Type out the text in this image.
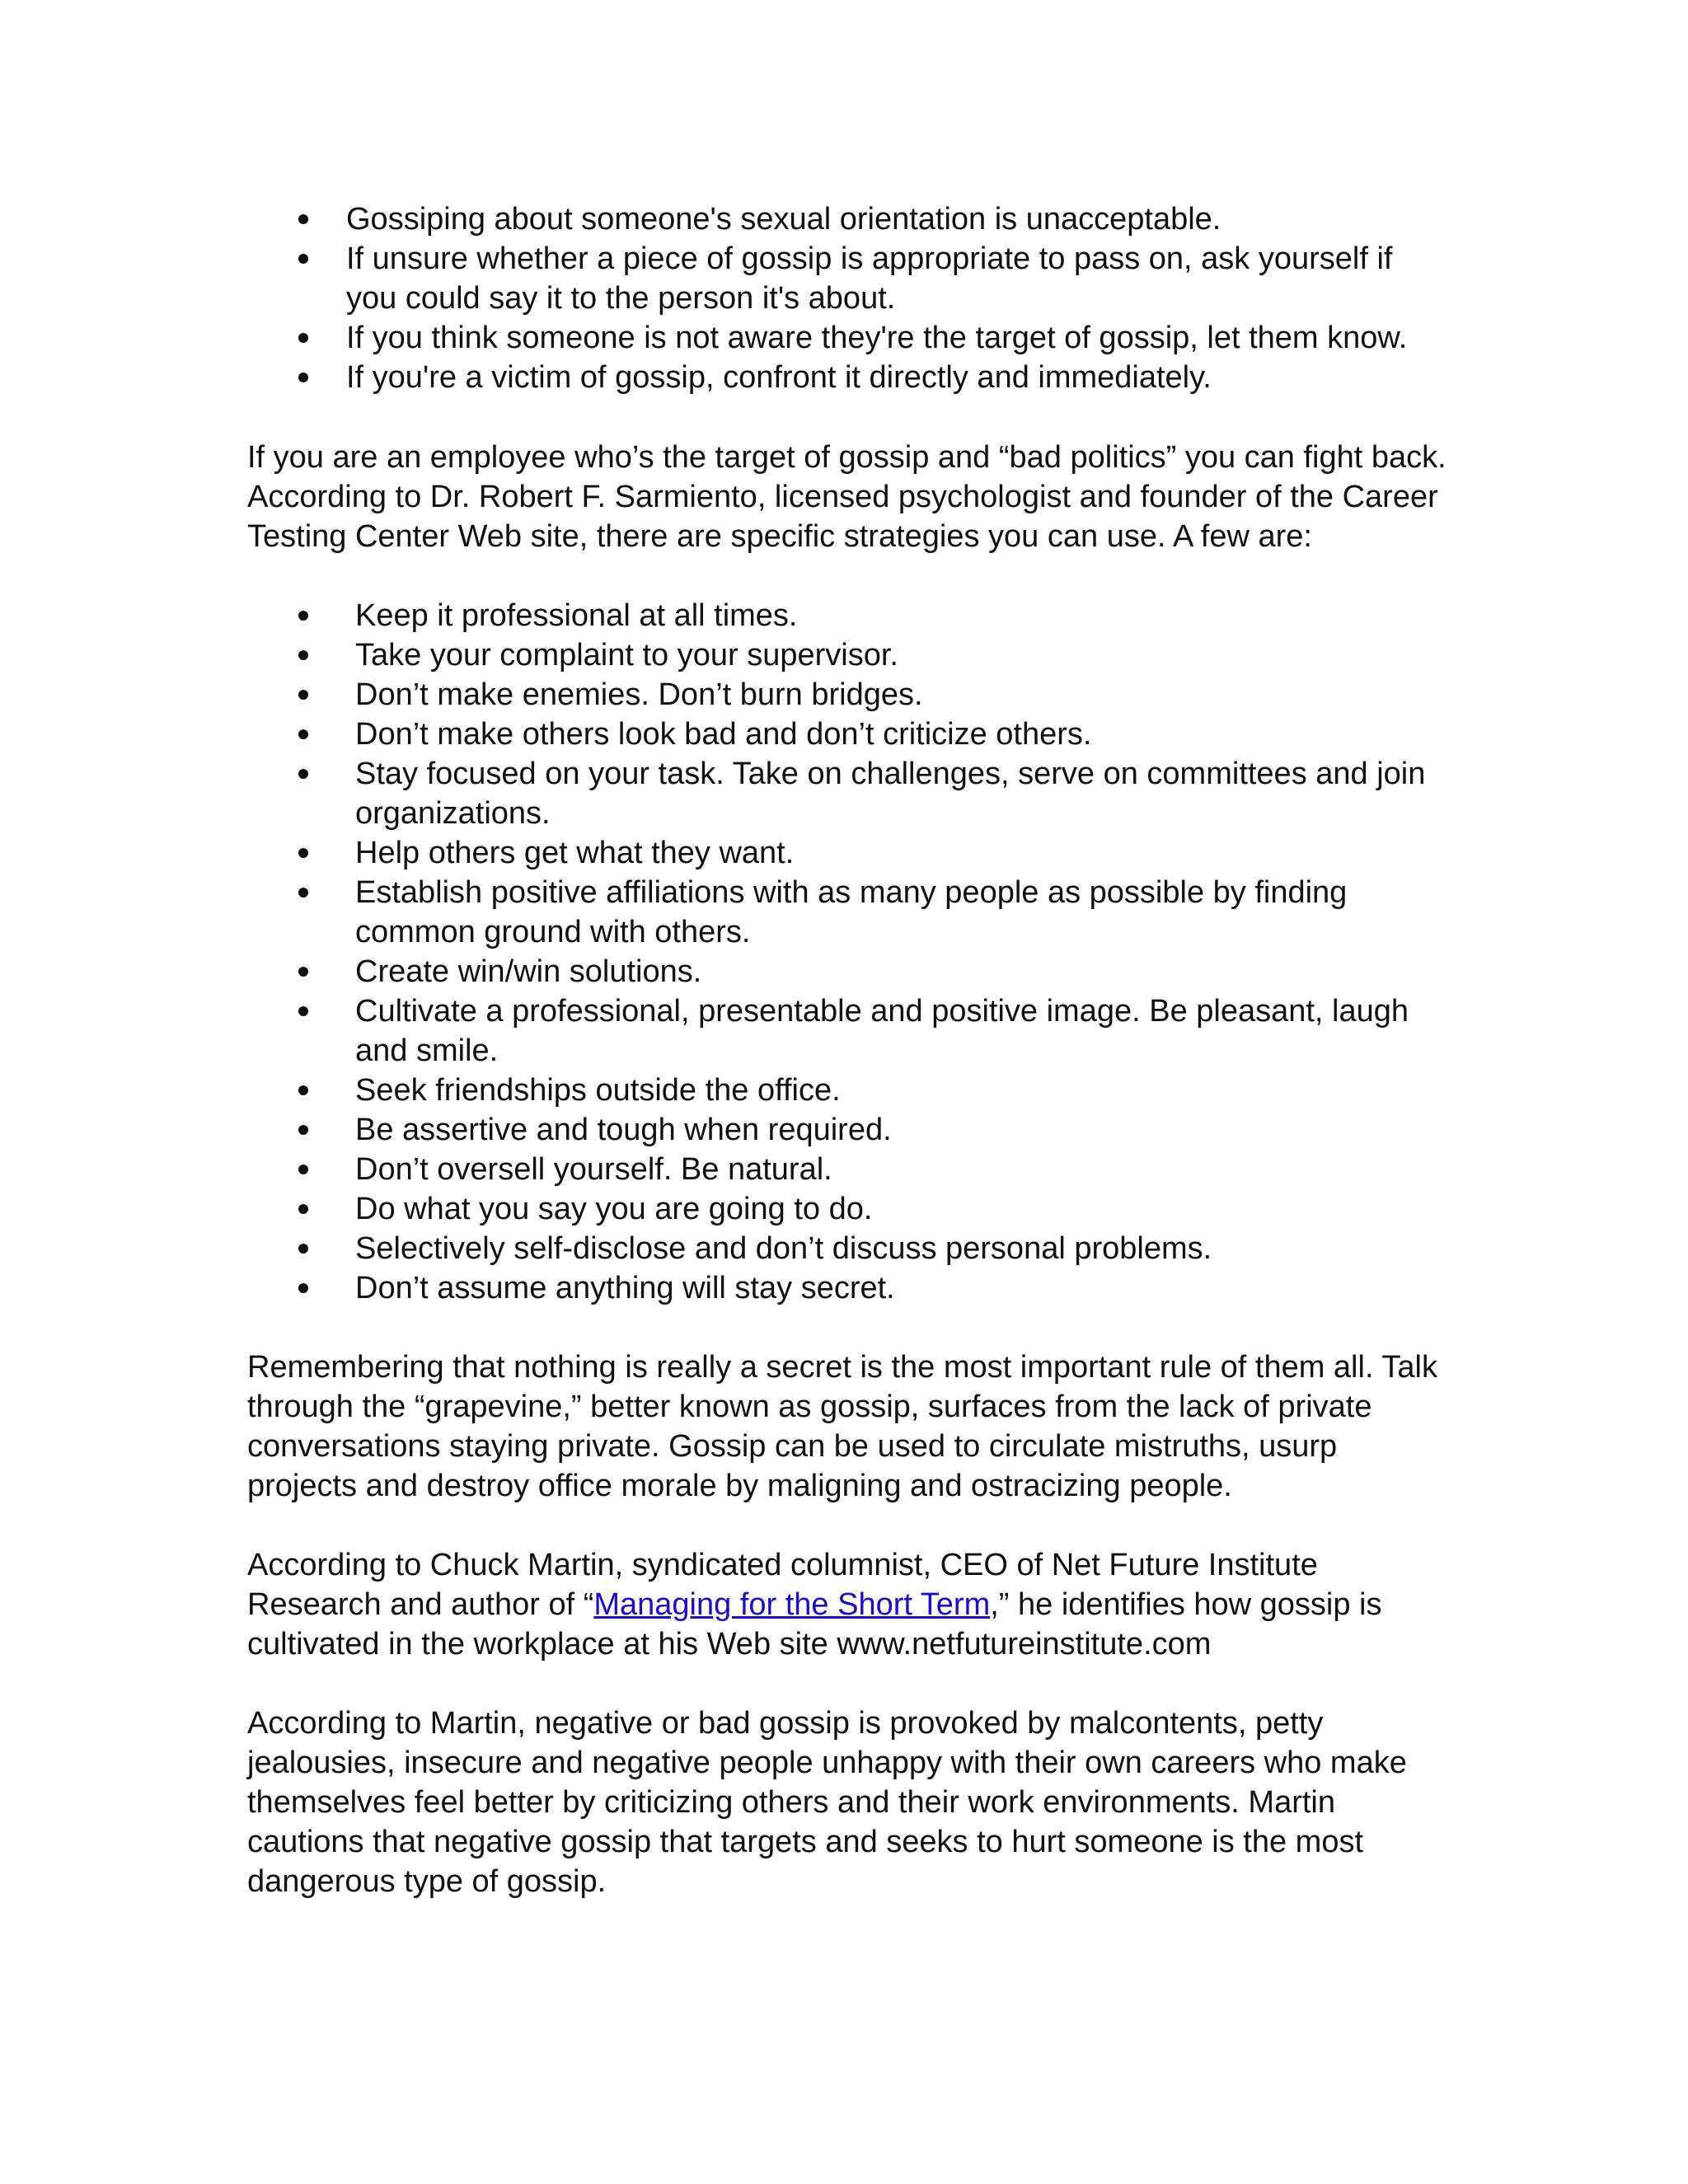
Gossiping about someone's sexual orientation is unacceptable.
If unsure whether a piece of gossip is appropriate to pass on, ask yourself if you could say it to the person it's about.
If you think someone is not aware they're the target of gossip, let them know.
If you're a victim of gossip, confront it directly and immediately.

If you are an employee who’s the target of gossip and “bad politics” you can fight back. According to Dr. Robert F. Sarmiento, licensed psychologist and founder of the Career Testing Center Web site, there are specific strategies you can use. A few are:

Keep it professional at all times.
Take your complaint to your supervisor.
Don’t make enemies. Don’t burn bridges.
Don’t make others look bad and don’t criticize others.
Stay focused on your task. Take on challenges, serve on committees and join organizations.
Help others get what they want.
Establish positive affiliations with as many people as possible by finding common ground with others.
Create win/win solutions.
Cultivate a professional, presentable and positive image. Be pleasant, laugh and smile.
Seek friendships outside the office.
Be assertive and tough when required.
Don’t oversell yourself. Be natural.
Do what you say you are going to do.
Selectively self-disclose and don’t discuss personal problems.
Don’t assume anything will stay secret.

Remembering that nothing is really a secret is the most important rule of them all. Talk through the “grapevine,” better known as gossip, surfaces from the lack of private conversations staying private. Gossip can be used to circulate mistruths, usurp projects and destroy office morale by maligning and ostracizing people.

According to Chuck Martin, syndicated columnist, CEO of Net Future Institute Research and author of “Managing for the Short Term,” he identifies how gossip is cultivated in the workplace at his Web site www.netfutureinstitute.com

According to Martin, negative or bad gossip is provoked by malcontents, petty jealousies, insecure and negative people unhappy with their own careers who make themselves feel better by criticizing others and their work environments. Martin cautions that negative gossip that targets and seeks to hurt someone is the most dangerous type of gossip.
